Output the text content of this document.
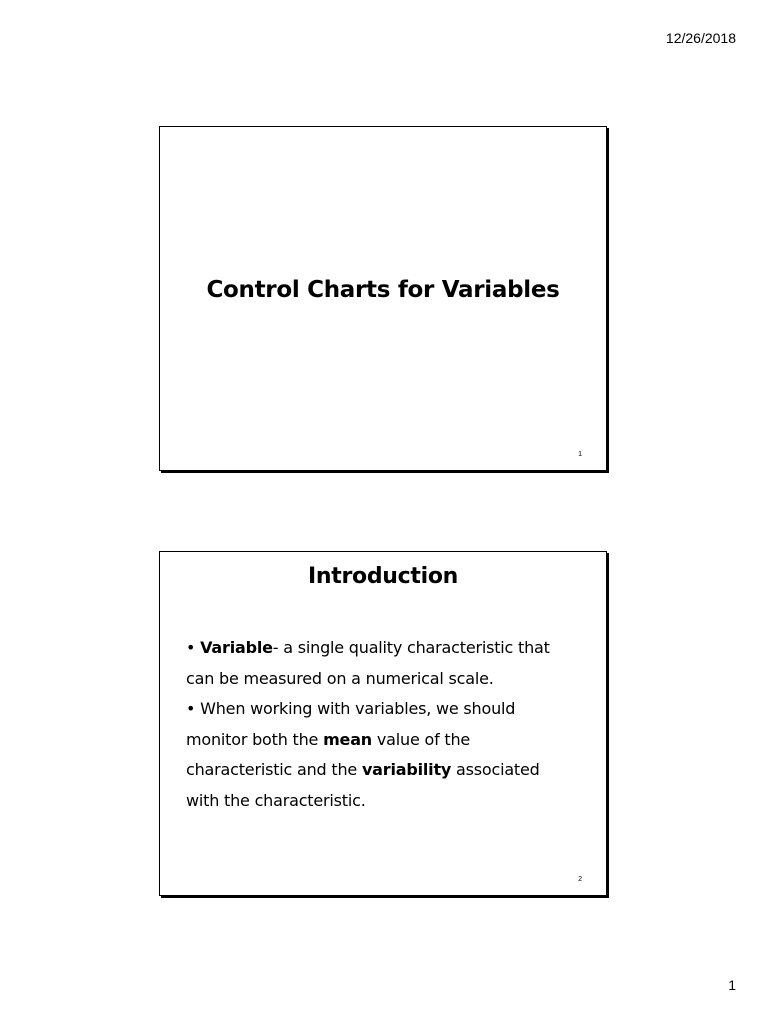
12/26/2018
Control Charts for Variables
1
Introduction

• Variable- a single quality characteristic that can be measured on a numerical scale.

• When working with variables, we should monitor both the mean value of the characteristic and the variability associated with the characteristic.

2
1
